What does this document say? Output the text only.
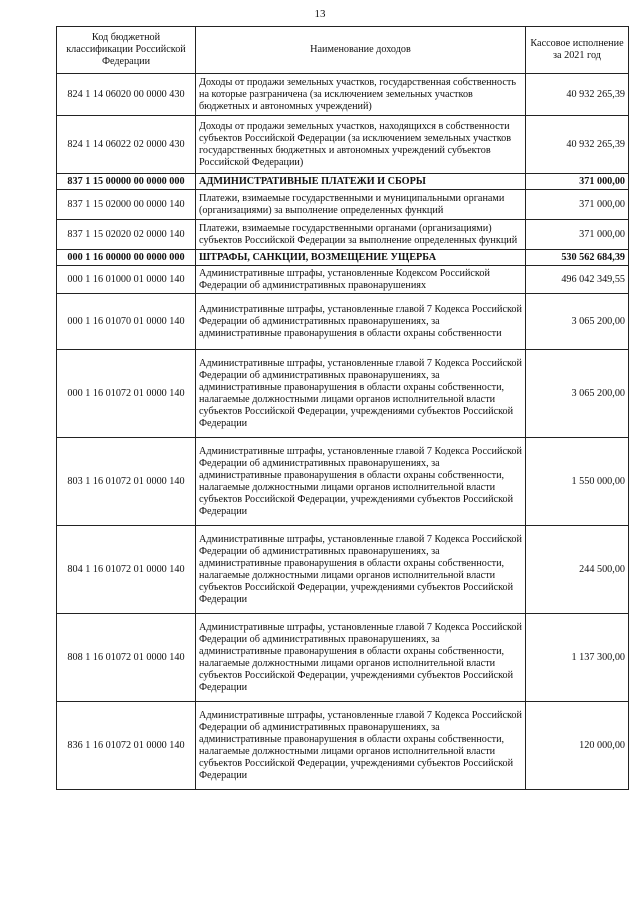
13
Код бюджетной классификации Российской Федерации	Наименование доходов	Кассовое исполнение за 2021 год
824 1 14 06020 00 0000 430	Доходы от продажи земельных участков, государственная собственность на которые разграничена (за исключением земельных участков бюджетных и автономных учреждений)	40 932 265,39
824 1 14 06022 02 0000 430	Доходы от продажи земельных участков, находящихся в собственности субъектов Российской Федерации (за исключением земельных участков государственных бюджетных и автономных учреждений субъектов Российской Федерации)	40 932 265,39
837 1 15 00000 00 0000 000	АДМИНИСТРАТИВНЫЕ ПЛАТЕЖИ И СБОРЫ	371 000,00
837 1 15 02000 00 0000 140	Платежи, взимаемые государственными и муниципальными органами (организациями) за выполнение определенных функций	371 000,00
837 1 15 02020 02 0000 140	Платежи, взимаемые государственными органами (организациями) субъектов Российской Федерации за выполнение определенных функций	371 000,00
000 1 16 00000 00 0000 000	ШТРАФЫ, САНКЦИИ, ВОЗМЕЩЕНИЕ УЩЕРБА	530 562 684,39
000 1 16 01000 01 0000 140	Административные штрафы, установленные Кодексом Российской Федерации об административных правонарушениях	496 042 349,55
000 1 16 01070 01 0000 140	Административные штрафы, установленные главой 7 Кодекса Российской Федерации об административных правонарушениях, за административные правонарушения в области охраны собственности	3 065 200,00
000 1 16 01072 01 0000 140	Административные штрафы, установленные главой 7 Кодекса Российской Федерации об административных правонарушениях, за административные правонарушения в области охраны собственности, налагаемые должностными лицами органов исполнительной власти субъектов Российской Федерации, учреждениями субъектов Российской Федерации	3 065 200,00
803 1 16 01072 01 0000 140	Административные штрафы, установленные главой 7 Кодекса Российской Федерации об административных правонарушениях, за административные правонарушения в области охраны собственности, налагаемые должностными лицами органов исполнительной власти субъектов Российской Федерации, учреждениями субъектов Российской Федерации	1 550 000,00
804 1 16 01072 01 0000 140	Административные штрафы, установленные главой 7 Кодекса Российской Федерации об административных правонарушениях, за административные правонарушения в области охраны собственности, налагаемые должностными лицами органов исполнительной власти субъектов Российской Федерации, учреждениями субъектов Российской Федерации	244 500,00
808 1 16 01072 01 0000 140	Административные штрафы, установленные главой 7 Кодекса Российской Федерации об административных правонарушениях, за административные правонарушения в области охраны собственности, налагаемые должностными лицами органов исполнительной власти субъектов Российской Федерации, учреждениями субъектов Российской Федерации	1 137 300,00
836 1 16 01072 01 0000 140	Административные штрафы, установленные главой 7 Кодекса Российской Федерации об административных правонарушениях, за административные правонарушения в области охраны собственности, налагаемые должностными лицами органов исполнительной власти субъектов Российской Федерации, учреждениями субъектов Российской Федерации	120 000,00
